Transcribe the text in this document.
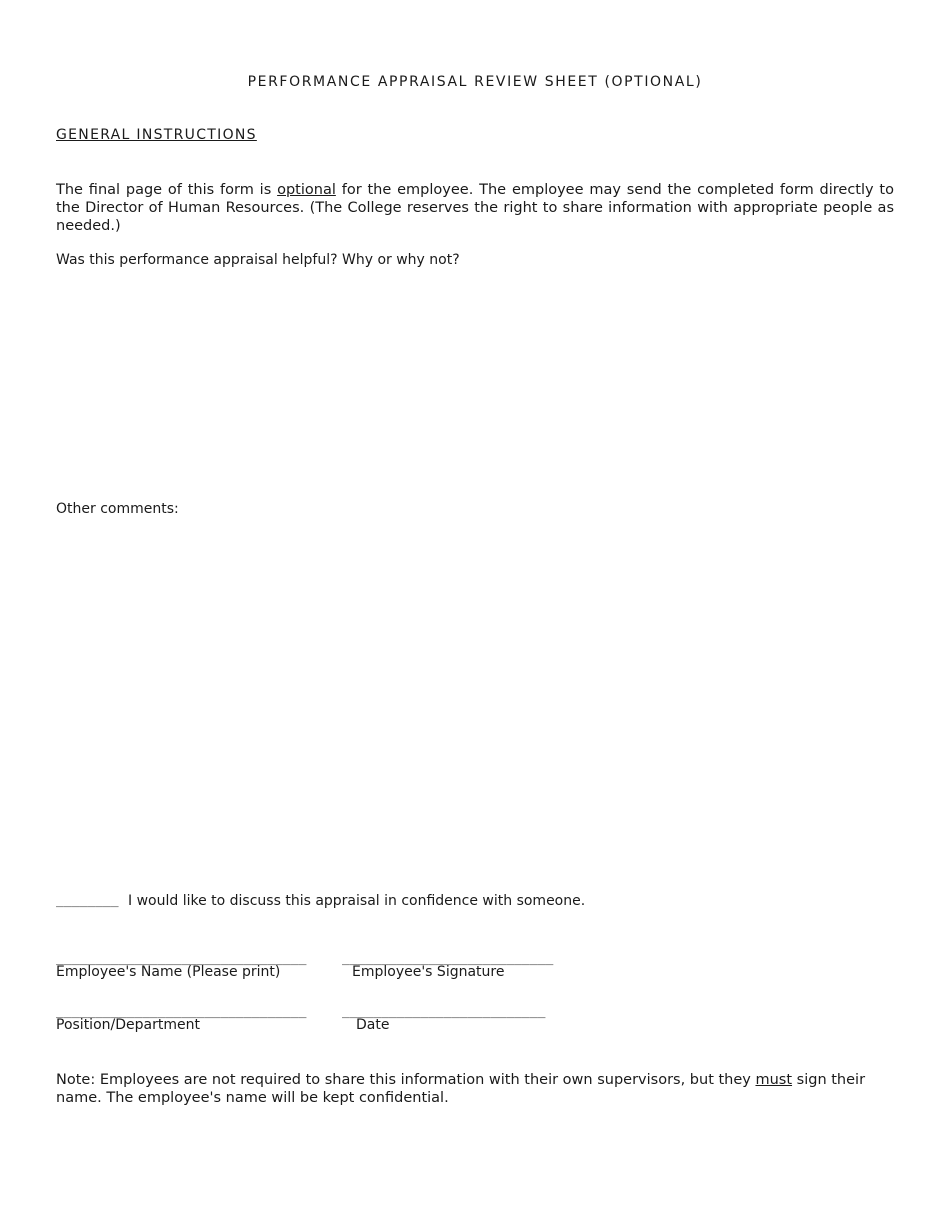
PERFORMANCE APPRAISAL REVIEW SHEET (OPTIONAL)
GENERAL INSTRUCTIONS
The final page of this form is optional for the employee. The employee may send the completed form directly to the Director of Human Resources. (The College reserves the right to share information with appropriate people as needed.)
Was this performance appraisal helpful? Why or why not?
Other comments:
________ I would like to discuss this appraisal in confidence with someone.
________________________________	___________________________
Employee's Name (Please print)	Employee's Signature
________________________________	__________________________
Position/Department	Date
Note: Employees are not required to share this information with their own supervisors, but they must sign their name. The employee's name will be kept confidential.
